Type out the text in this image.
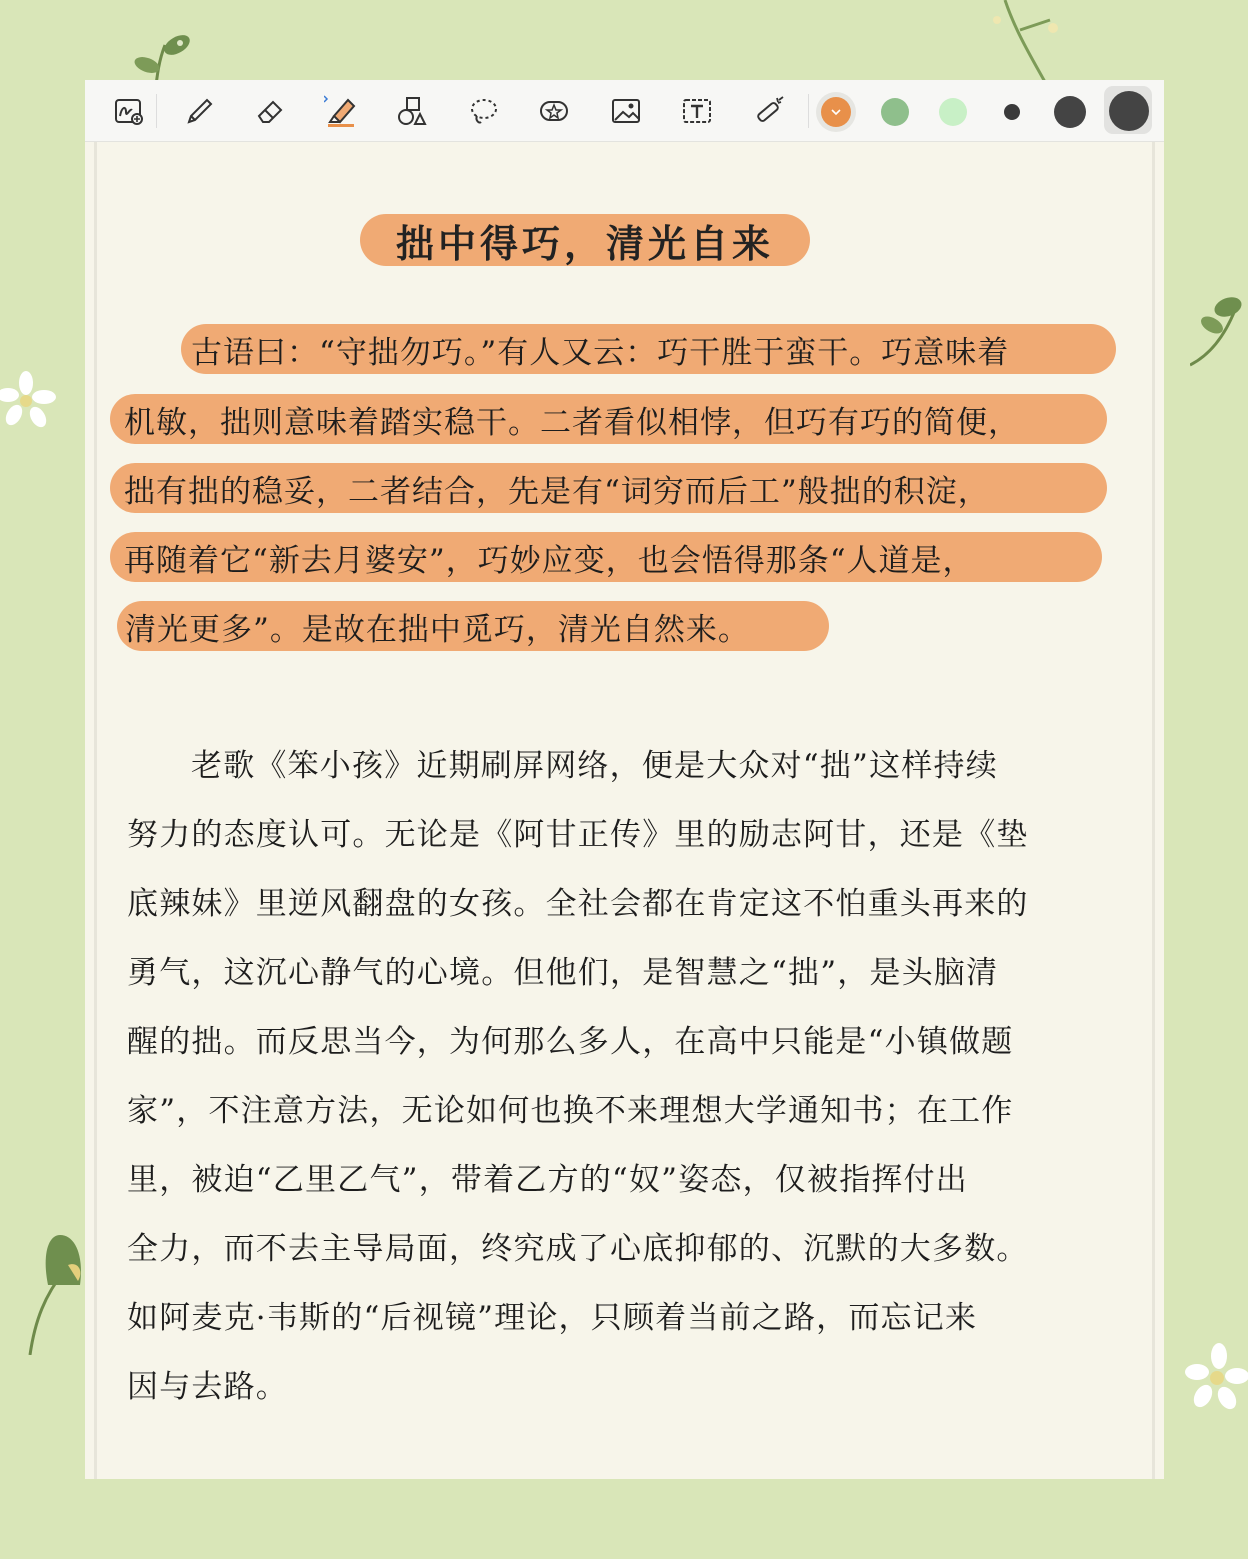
拙中得巧，清光自来
古语曰：“守拙勿巧。”有人又云：巧干胜于蛮干。巧意味着
机敏，拙则意味着踏实稳干。二者看似相悖，但巧有巧的简便，
拙有拙的稳妥，二者结合，先是有“词穷而后工”般拙的积淀，
再随着它“新去月婆安”，巧妙应变，也会悟得那条“人道是，
清光更多”。是故在拙中觅巧，清光自然来。
老歌《笨小孩》近期刷屏网络，便是大众对“拙”这样持续
努力的态度认可。无论是《阿甘正传》里的励志阿甘，还是《垫
底辣妹》里逆风翻盘的女孩。全社会都在肯定这不怕重头再来的
勇气，这沉心静气的心境。但他们，是智慧之“拙”，是头脑清
醒的拙。而反思当今，为何那么多人，在高中只能是“小镇做题
家”，不注意方法，无论如何也换不来理想大学通知书；在工作
里，被迫“乙里乙气”，带着乙方的“奴”姿态，仅被指挥付出
全力，而不去主导局面，终究成了心底抑郁的、沉默的大多数。
如阿麦克·韦斯的“后视镜”理论，只顾着当前之路，而忘记来
因与去路。
